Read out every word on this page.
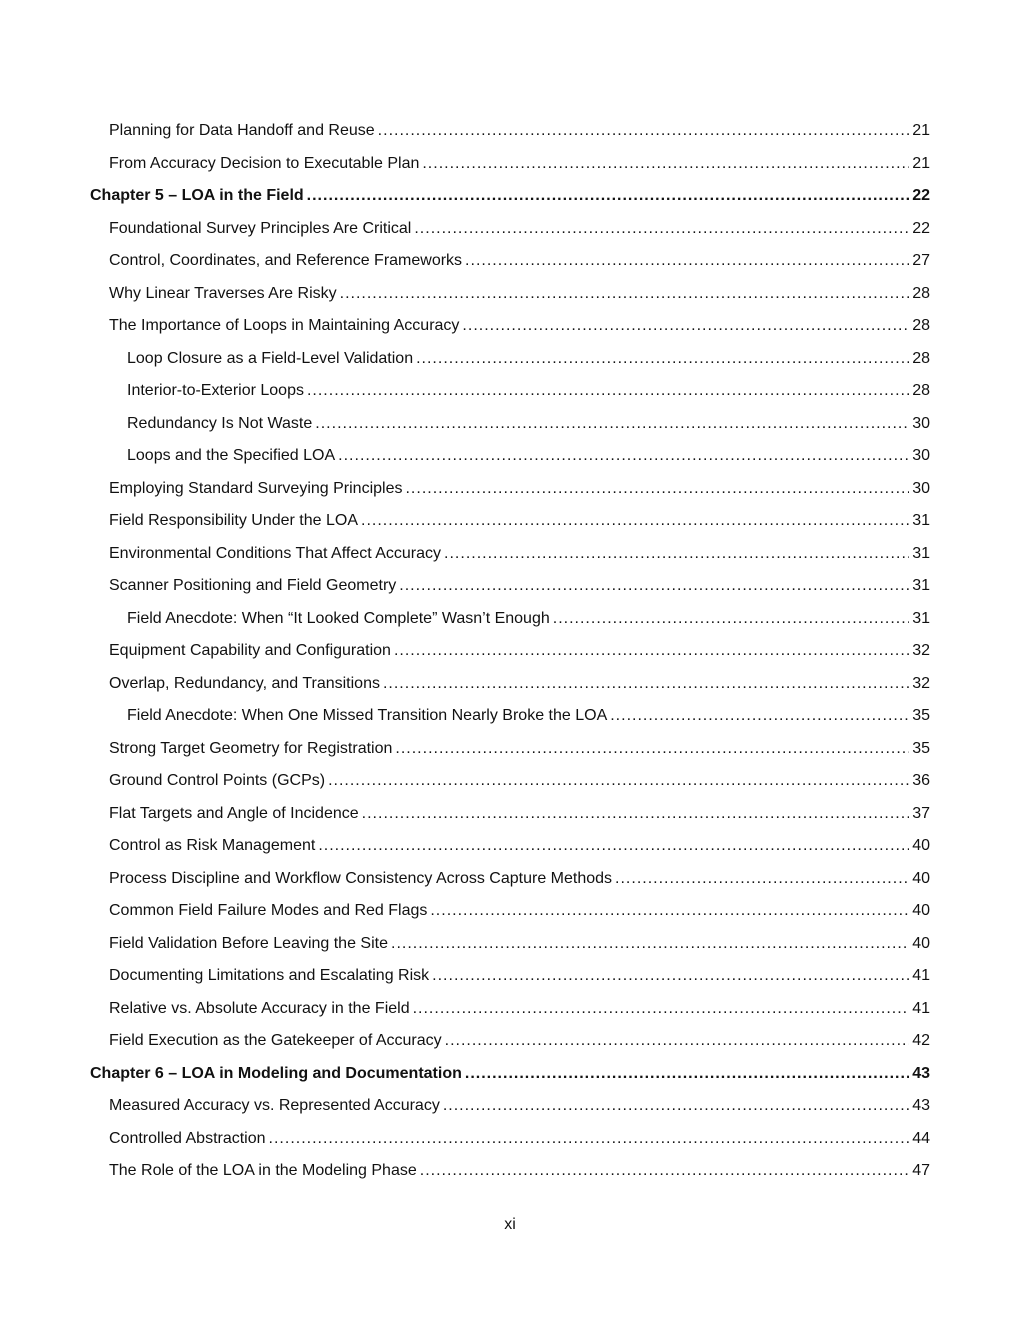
Planning for Data Handoff and Reuse .....	21
From Accuracy Decision to Executable Plan .....	21
Chapter 5 – LOA in the Field .....	22
Foundational Survey Principles Are Critical .....	22
Control, Coordinates, and Reference Frameworks .....	27
Why Linear Traverses Are Risky .....	28
The Importance of Loops in Maintaining Accuracy .....	28
Loop Closure as a Field-Level Validation .....	28
Interior-to-Exterior Loops .....	28
Redundancy Is Not Waste .....	30
Loops and the Specified LOA .....	30
Employing Standard Surveying Principles .....	30
Field Responsibility Under the LOA .....	31
Environmental Conditions That Affect Accuracy .....	31
Scanner Positioning and Field Geometry .....	31
Field Anecdote: When “It Looked Complete” Wasn’t Enough .....	31
Equipment Capability and Configuration .....	32
Overlap, Redundancy, and Transitions .....	32
Field Anecdote: When One Missed Transition Nearly Broke the LOA .....	35
Strong Target Geometry for Registration .....	35
Ground Control Points (GCPs) .....	36
Flat Targets and Angle of Incidence .....	37
Control as Risk Management .....	40
Process Discipline and Workflow Consistency Across Capture Methods .....	40
Common Field Failure Modes and Red Flags .....	40
Field Validation Before Leaving the Site .....	40
Documenting Limitations and Escalating Risk .....	41
Relative vs. Absolute Accuracy in the Field .....	41
Field Execution as the Gatekeeper of Accuracy .....	42
Chapter 6 – LOA in Modeling and Documentation .....	43
Measured Accuracy vs. Represented Accuracy .....	43
Controlled Abstraction .....	44
The Role of the LOA in the Modeling Phase .....	47
xi
